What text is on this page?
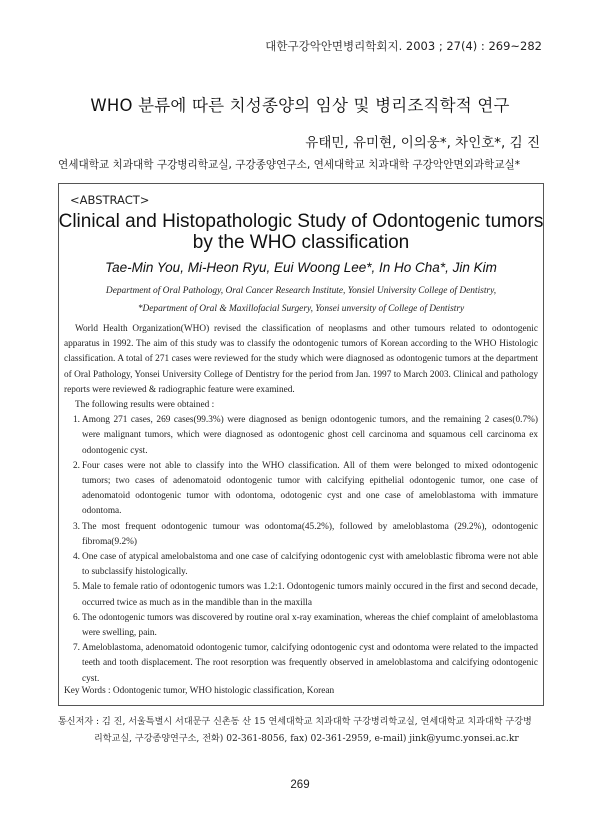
대한구강악안면병리학회지. 2003 ; 27(4) : 269~282
WHO 분류에 따른 치성종양의 임상 및 병리조직학적 연구
유태민, 유미현, 이의웅*, 차인호*, 김 진
연세대학교 치과대학 구강병리학교실, 구강종양연구소, 연세대학교 치과대학 구강악안면외과학교실*
<ABSTRACT>
Clinical and Histopathologic Study of Odontogenic tumors by the WHO classification
Tae-Min You, Mi-Heon Ryu, Eui Woong Lee*, In Ho Cha*, Jin Kim
Department of Oral Pathology, Oral Cancer Research Institute, Yonsiel University College of Dentistry,
*Department of Oral & Maxillofacial Surgery, Yonsei unversity of College of Dentistry

World Health Organization(WHO) revised the classification of neoplasms and other tumours related to odontogenic apparatus in 1992. The aim of this study was to classify the odontogenic tumors of Korean according to the WHO Histologic classification. A total of 271 cases were reviewed for the study which were diagnosed as odontogenic tumors at the department of Oral Pathology, Yonsei University College of Dentistry for the period from Jan. 1997 to March 2003. Clinical and pathology reports were reviewed & radiographic feature were examined.

The following results were obtained :

1. Among 271 cases, 269 cases(99.3%) were diagnosed as benign odontogenic tumors, and the remaining 2 cases(0.7%) were malignant tumors, which were diagnosed as odontogenic ghost cell carcinoma and squamous cell carcinoma ex odontogenic cyst.
2. Four cases were not able to classify into the WHO classification. All of them were belonged to mixed odontogenic tumors; two cases of adenomatoid odontogenic tumor with calcifying epithelial odontogenic tumor, one case of adenomatoid odontogenic tumor with odontoma, odotogenic cyst and one case of ameloblastoma with immature odontoma.
3. The most frequent odontogenic tumour was odontoma(45.2%), followed by ameloblastoma (29.2%), odontogenic fibroma(9.2%)
4. One case of atypical amelobalstoma and one case of calcifying odontogenic cyst with ameloblastic fibroma were not able to subclassify histologically.
5. Male to female ratio of odontogenic tumors was 1.2:1. Odontogenic tumors mainly occured in the first and second decade, occurred twice as much as in the mandible than in the maxilla
6. The odontogenic tumors was discovered by routine oral x-ray examination, whereas the chief complaint of ameloblastoma were swelling, pain.
7. Ameloblastoma, adenomatoid odontogenic tumor, calcifying odontogenic cyst and odontoma were related to the impacted teeth and tooth displacement. The root resorption was frequently observed in ameloblastoma and calcifying odontogenic cyst.
Key Words : Odontogenic tumor, WHO histologic classification, Korean

통신저자 : 김 진, 서울특별시 서대문구 신촌동 산 15 연세대학교 치과대학 구강병리학교실, 연세대학교 치과대학 구강병

리학교실, 구강종양연구소, 전화) 02-361-8056, fax) 02-361-2959, e-mail) jink@yumc.yonsei.ac.kr

269
